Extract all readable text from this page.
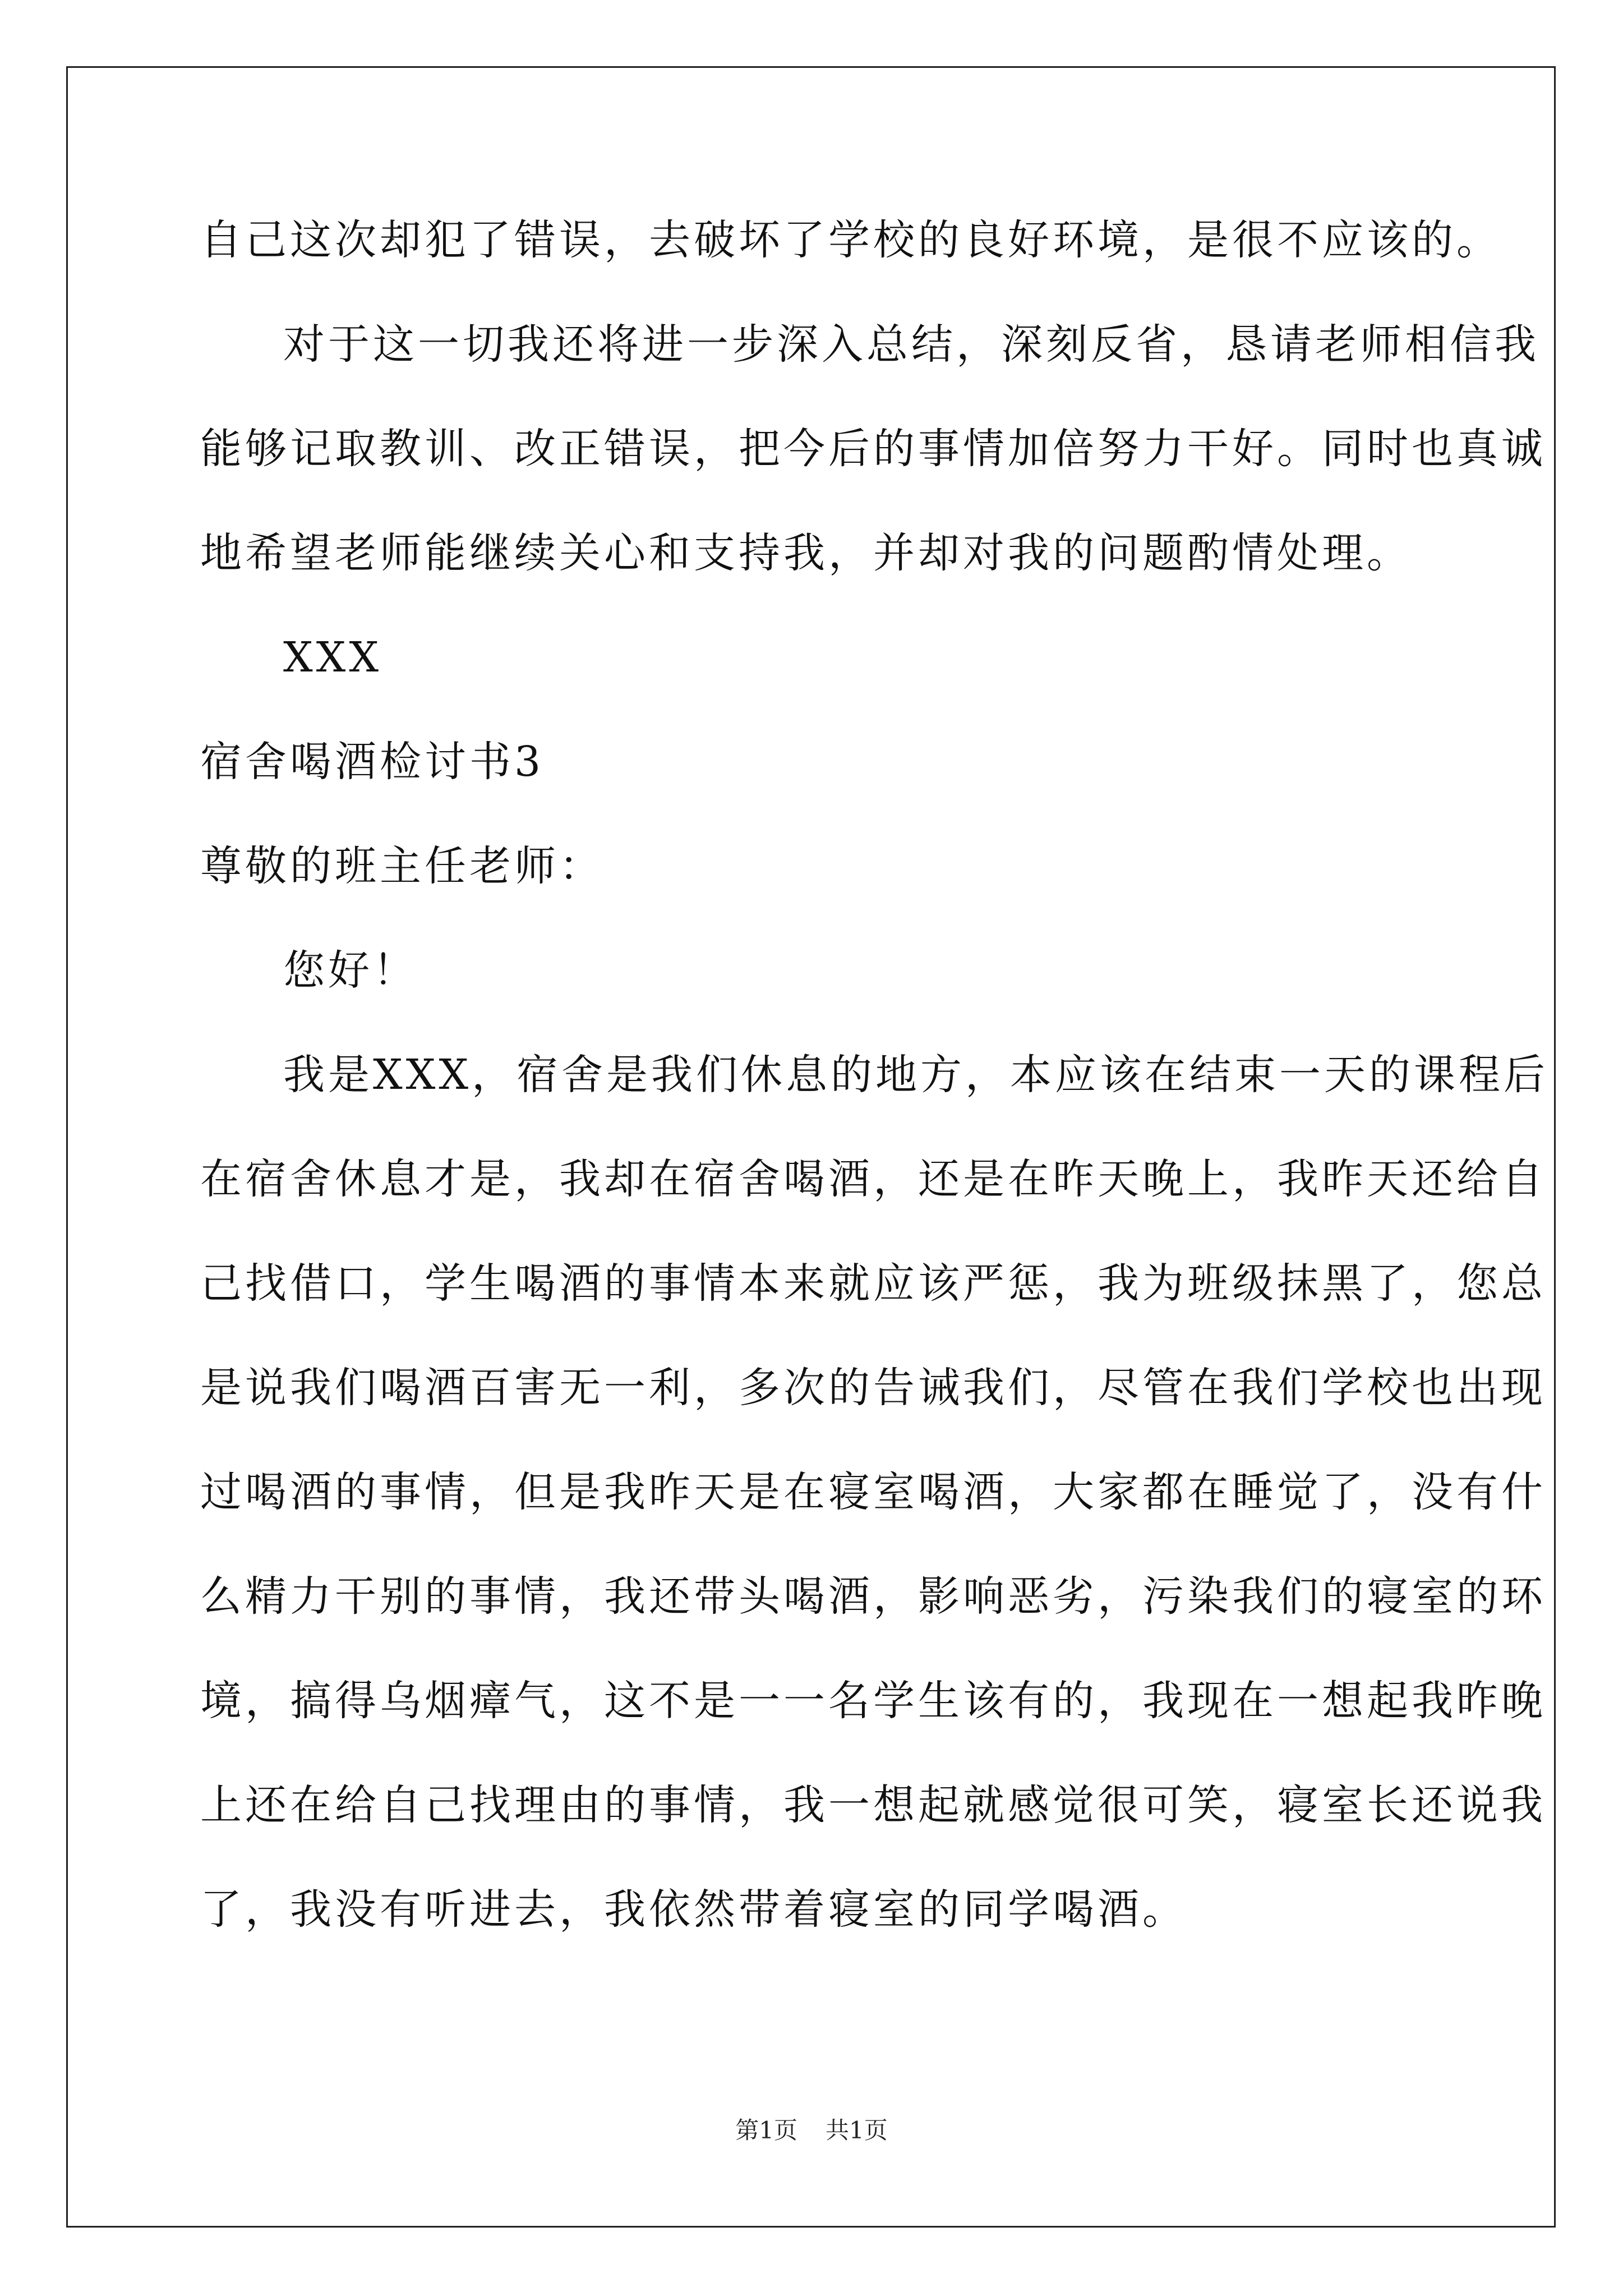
自己这次却犯了错误，去破坏了学校的良好环境，是很不应该的。
对于这一切我还将进一步深入总结，深刻反省，恳请老师相信我
能够记取教训、改正错误，把今后的事情加倍努力干好。同时也真诚
地希望老师能继续关心和支持我，并却对我的问题酌情处理。
XXX
宿舍喝酒检讨书3
尊敬的班主任老师：
您好！
我是XXX，宿舍是我们休息的地方，本应该在结束一天的课程后
在宿舍休息才是，我却在宿舍喝酒，还是在昨天晚上，我昨天还给自
己找借口，学生喝酒的事情本来就应该严惩，我为班级抹黑了，您总
是说我们喝酒百害无一利，多次的告诫我们，尽管在我们学校也出现
过喝酒的事情，但是我昨天是在寝室喝酒，大家都在睡觉了，没有什
么精力干别的事情，我还带头喝酒，影响恶劣，污染我们的寝室的环
境，搞得乌烟瘴气，这不是一一名学生该有的，我现在一想起我昨晚
上还在给自己找理由的事情，我一想起就感觉很可笑，寝室长还说我
了，我没有听进去，我依然带着寝室的同学喝酒。
第1页 共1页
